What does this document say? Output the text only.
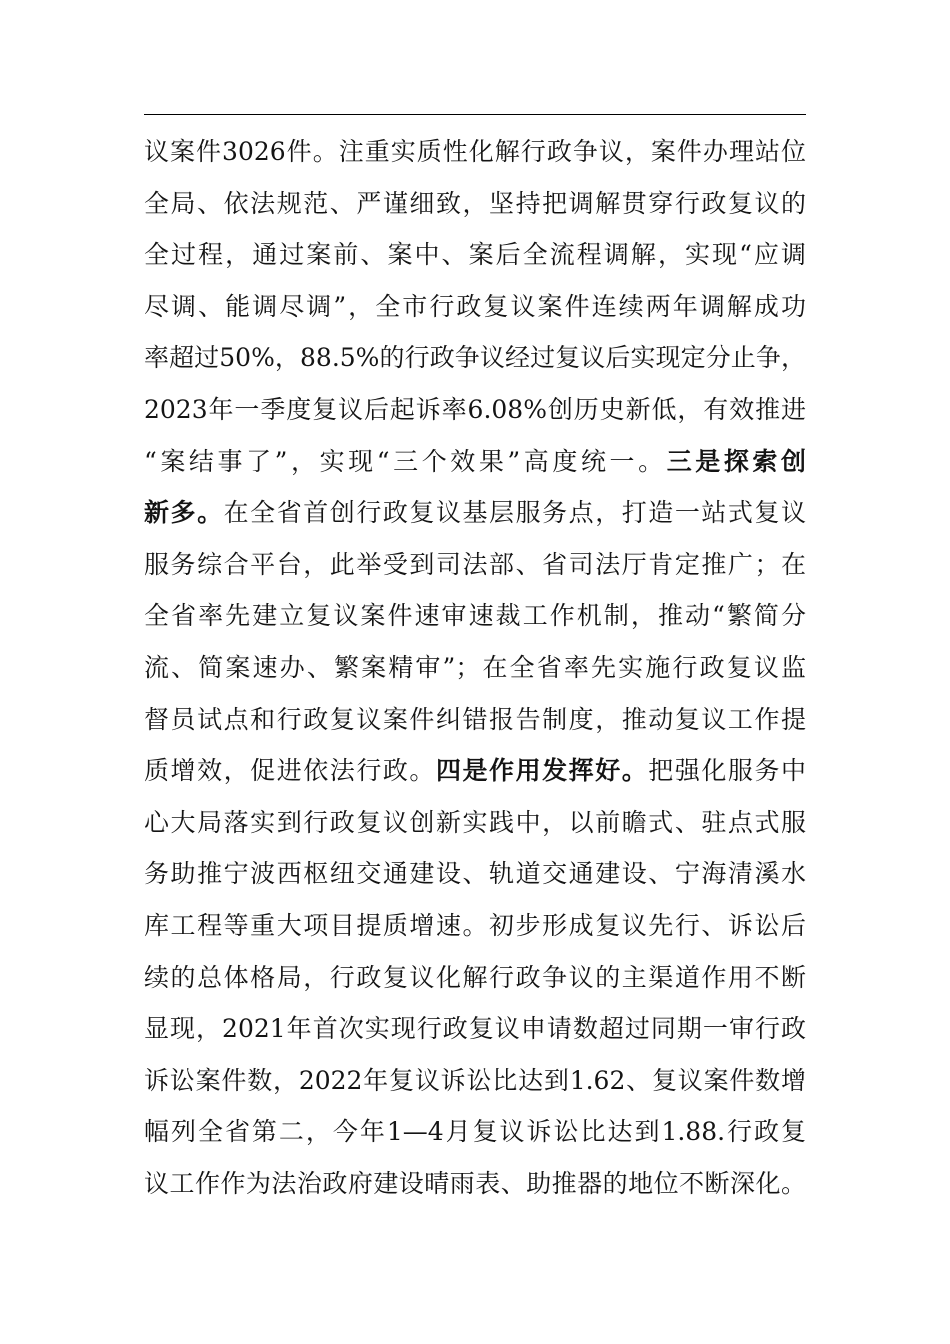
议案件3026件。注重实质性化解行政争议，案件办理站位
全局、依法规范、严谨细致，坚持把调解贯穿行政复议的
全过程，通过案前、案中、案后全流程调解，实现“应调
尽调、能调尽调”，全市行政复议案件连续两年调解成功
率超过50%，88.5%的行政争议经过复议后实现定分止争，
2023年一季度复议后起诉率6.08%创历史新低，有效推进
“案结事了”，实现“三个效果”高度统一。三是探索创
新多。在全省首创行政复议基层服务点，打造一站式复议
服务综合平台，此举受到司法部、省司法厅肯定推广；在
全省率先建立复议案件速审速裁工作机制，推动“繁简分
流、简案速办、繁案精审”；在全省率先实施行政复议监
督员试点和行政复议案件纠错报告制度，推动复议工作提
质增效，促进依法行政。四是作用发挥好。把强化服务中
心大局落实到行政复议创新实践中，以前瞻式、驻点式服
务助推宁波西枢纽交通建设、轨道交通建设、宁海清溪水
库工程等重大项目提质增速。初步形成复议先行、诉讼后
续的总体格局，行政复议化解行政争议的主渠道作用不断
显现，2021年首次实现行政复议申请数超过同期一审行政
诉讼案件数，2022年复议诉讼比达到1.62、复议案件数增
幅列全省第二，今年1—4月复议诉讼比达到1.88.行政复
议工作作为法治政府建设晴雨表、助推器的地位不断深化。
